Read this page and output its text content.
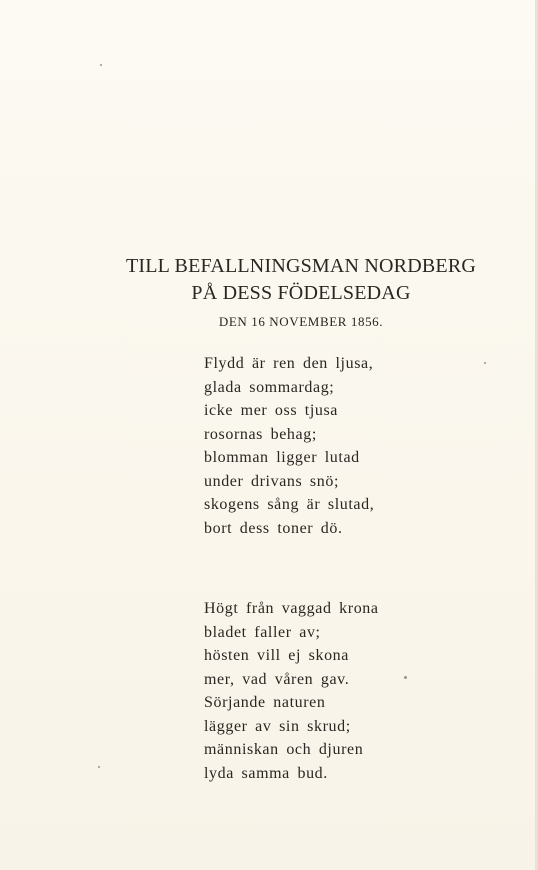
TILL BEFALLNINGSMAN NORDBERG
PÅ DESS FÖDELSEDAG
DEN 16 NOVEMBER 1856.
Flydd är ren den ljusa,
glada sommardag;
icke mer oss tjusa
rosornas behag;
blomman ligger lutad
under drivans snö;
skogens sång är slutad,
bort dess toner dö.
Högt från vaggad krona
bladet faller av;
hösten vill ej skona
mer, vad våren gav.
Sörjande naturen
lägger av sin skrud;
människan och djuren
lyda samma bud.
